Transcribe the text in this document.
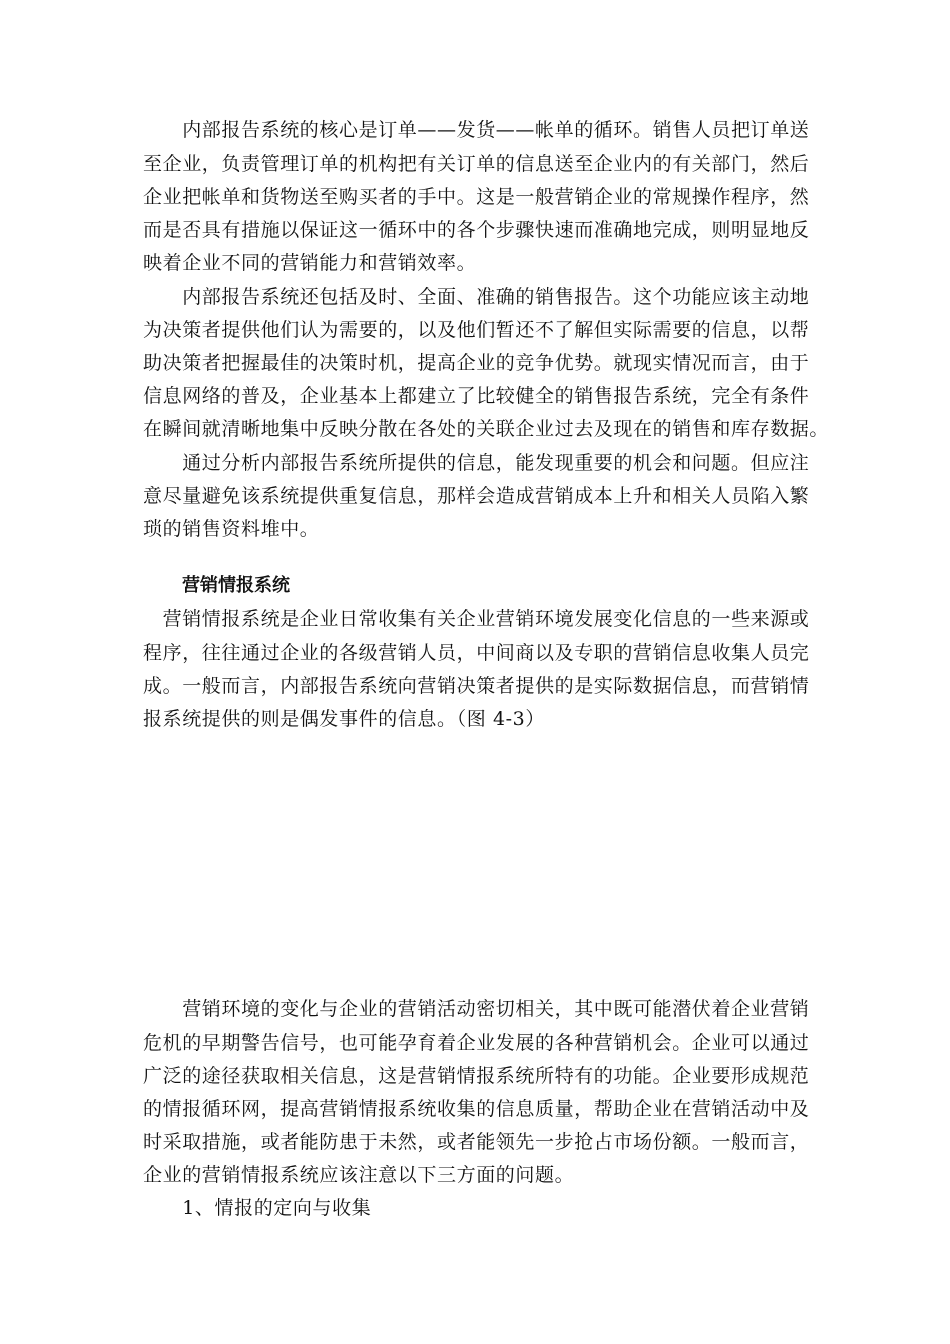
　　内部报告系统的核心是订单——发货——帐单的循环。销售人员把订单送
至企业，负责管理订单的机构把有关订单的信息送至企业内的有关部门，然后
企业把帐单和货物送至购买者的手中。这是一般营销企业的常规操作程序，然
而是否具有措施以保证这一循环中的各个步骤快速而准确地完成，则明显地反
映着企业不同的营销能力和营销效率。
　　内部报告系统还包括及时、全面、准确的销售报告。这个功能应该主动地
为决策者提供他们认为需要的，以及他们暂还不了解但实际需要的信息，以帮
助决策者把握最佳的决策时机，提高企业的竞争优势。就现实情况而言，由于
信息网络的普及，企业基本上都建立了比较健全的销售报告系统，完全有条件
在瞬间就清晰地集中反映分散在各处的关联企业过去及现在的销售和库存数据。
　　通过分析内部报告系统所提供的信息，能发现重要的机会和问题。但应注
意尽量避免该系统提供重复信息，那样会造成营销成本上升和相关人员陷入繁
琐的销售资料堆中。
营销情报系统
　营销情报系统是企业日常收集有关企业营销环境发展变化信息的一些来源或
程序，往往通过企业的各级营销人员，中间商以及专职的营销信息收集人员完
成。一般而言，内部报告系统向营销决策者提供的是实际数据信息，而营销情
报系统提供的则是偶发事件的信息。（图 4-3）
　　营销环境的变化与企业的营销活动密切相关，其中既可能潜伏着企业营销
危机的早期警告信号，也可能孕育着企业发展的各种营销机会。企业可以通过
广泛的途径获取相关信息，这是营销情报系统所特有的功能。企业要形成规范
的情报循环网，提高营销情报系统收集的信息质量，帮助企业在营销活动中及
时采取措施，或者能防患于未然，或者能领先一步抢占市场份额。一般而言，
企业的营销情报系统应该注意以下三方面的问题。
　　1、情报的定向与收集
